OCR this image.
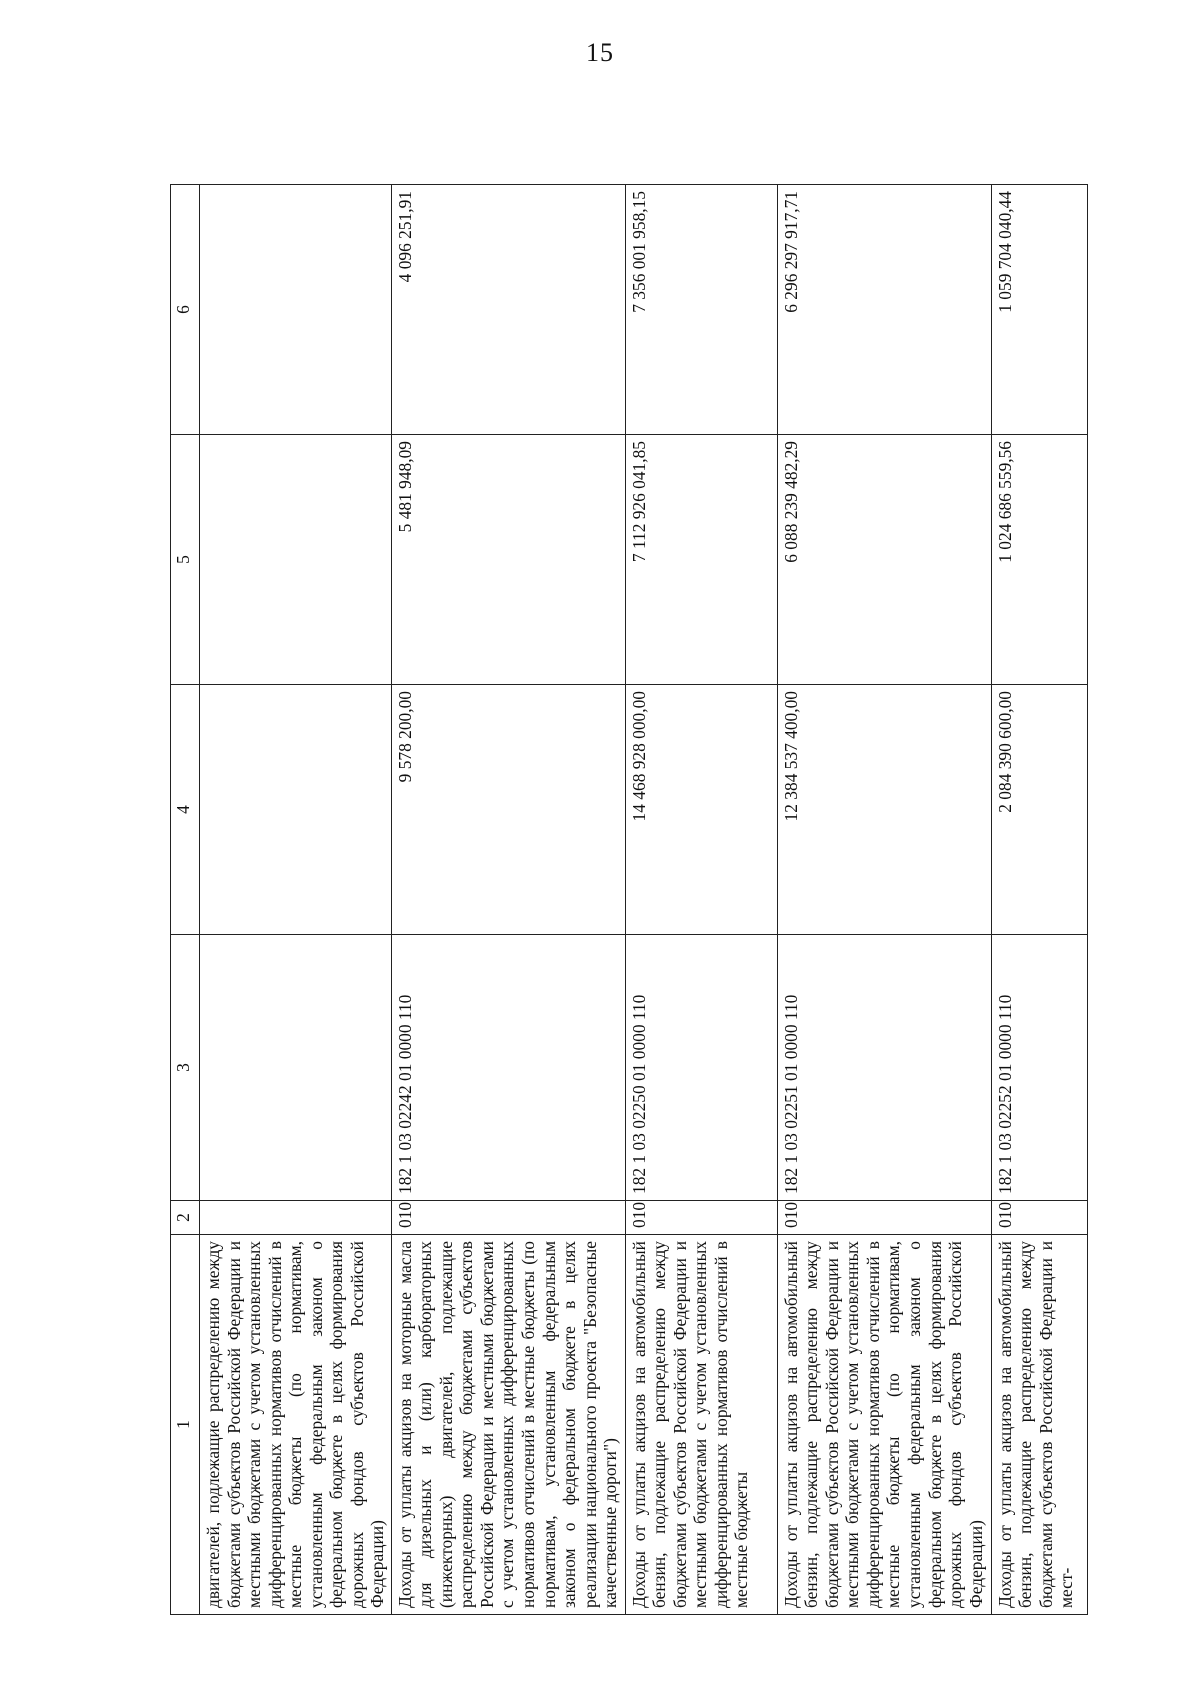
15
1	2	3	4	5	6
двигателей, подлежащие распределению между бюджетами субъектов Российской Федерации и местными бюджетами с учетом установленных дифференцированных нормативов отчислений в местные бюджеты (по нормативам, установленным федеральным законом о федеральном бюджете в целях формирования дорожных фондов субъектов Российской Федерации)					
Доходы от уплаты акцизов на моторные масла для дизельных и (или) карбюраторных (инжекторных) двигателей, подлежащие распределению между бюджетами субъектов Российской Федерации и местными бюджетами с учетом установленных дифференцированных нормативов отчислений в местные бюджеты (по нормативам, установленным федеральным законом о федеральном бюджете в целях реализации национального проекта "Безопасные качественные дороги")	010	182 1 03 02242 01 0000 110	9 578 200,00	5 481 948,09	4 096 251,91
Доходы от уплаты акцизов на автомобильный бензин, подлежащие распределению между бюджетами субъектов Российской Федерации и местными бюджетами с учетом установленных дифференцированных нормативов отчислений в местные бюджеты	010	182 1 03 02250 01 0000 110	14 468 928 000,00	7 112 926 041,85	7 356 001 958,15
Доходы от уплаты акцизов на автомобильный бензин, подлежащие распределению между бюджетами субъектов Российской Федерации и местными бюджетами с учетом установленных дифференцированных нормативов отчислений в местные бюджеты (по нормативам, установленным федеральным законом о федеральном бюджете в целях формирования дорожных фондов субъектов Российской Федерации)	010	182 1 03 02251 01 0000 110	12 384 537 400,00	6 088 239 482,29	6 296 297 917,71
Доходы от уплаты акцизов на автомобильный бензин, подлежащие распределению между бюджетами субъектов Российской Федерации и мест-	010	182 1 03 02252 01 0000 110	2 084 390 600,00	1 024 686 559,56	1 059 704 040,44
